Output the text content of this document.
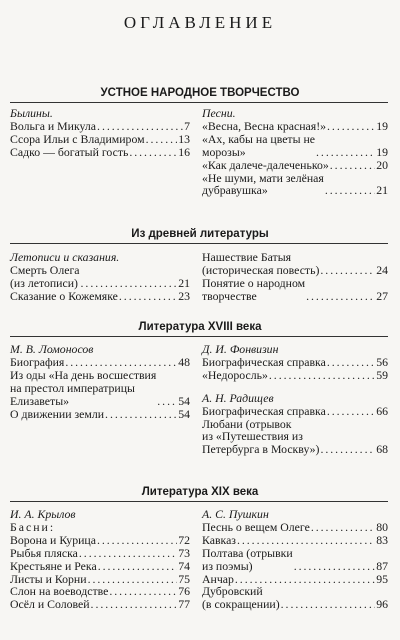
ОГЛАВЛЕНИЕ
УСТНОЕ НАРОДНОЕ ТВОРЧЕСТВО
Былины.
Вольга и Микула . . .	7
Ссора Ильи с Владимиром . . .	13
Садко — богатый гость . . .	16
Песни.
«Весна, Весна красная!» . . .	19
«Ах, кабы на цветы не
морозы» . . .	19
«Как далече-далеченько» . . .	20
«Не шуми, мати зелёная
дубравушка» . . .	21
Из древней литературы
Летописи и сказания.
Смерть Олега
(из летописи) . . .	21
Сказание о Кожемяке . . .	23
Нашествие Батыя
(историческая повесть) . . .	24
Понятие о народном
творчестве . . .	27
Литература XVIII века
М. В. Ломоносов
Биография . . .	48
Из оды «На день восшествия
на престол императрицы
Елизаветы» . . .	54
О движении земли . . .	54
Д. И. Фонвизин
Биографическая справка . . .	56
«Недоросль» . . .	59
А. Н. Радищев
Биографическая справка . . .	66
Любани (отрывок
из «Путешествия из
Петербурга в Москву») . . .	68
Литература XIX века
И. А. Крылов
Басни:
Ворона и Курица . . .	72
Рыбья пляска . . .	73
Крестьяне и Река . . .	74
Листы и Корни . . .	75
Слон на воеводстве . . .	76
Осёл и Соловей . . .	77
А. С. Пушкин
Песнь о вещем Олеге . . .	80
Кавказ . . .	83
Полтава (отрывки
из поэмы) . . .	87
Анчар . . .	95
Дубровский
(в сокращении) . . .	96
